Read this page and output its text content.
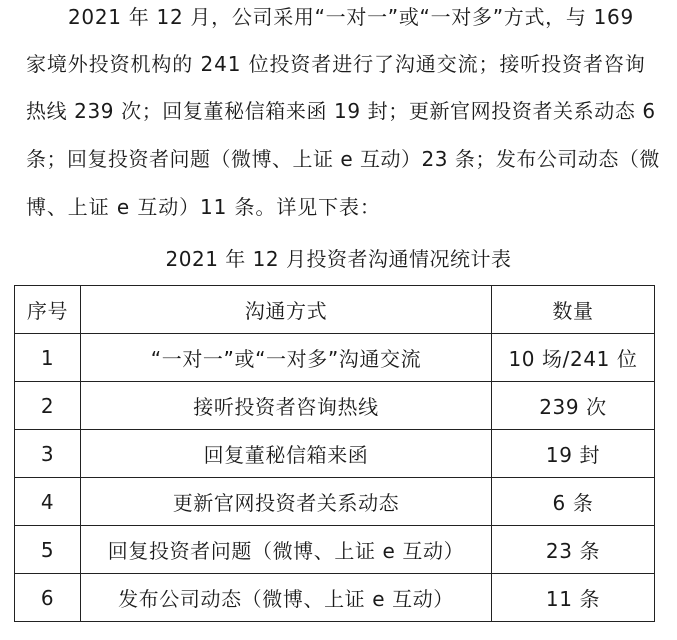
2021 年 12 月，公司采用“一对一”或“一对多”方式，与 169
家境外投资机构的 241 位投资者进行了沟通交流；接听投资者咨询
热线 239 次；回复董秘信箱来函 19 封；更新官网投资者关系动态 6
条；回复投资者问题（微博、上证 e 互动）23 条；发布公司动态（微
博、上证 e 互动）11 条。详见下表：
2021 年 12 月投资者沟通情况统计表
序号	沟通方式	数量
1	“一对一”或“一对多”沟通交流	10 场/241 位
2	接听投资者咨询热线	239 次
3	回复董秘信箱来函	19 封
4	更新官网投资者关系动态	6 条
5	回复投资者问题（微博、上证 e 互动）	23 条
6	发布公司动态（微博、上证 e 互动）	11 条
